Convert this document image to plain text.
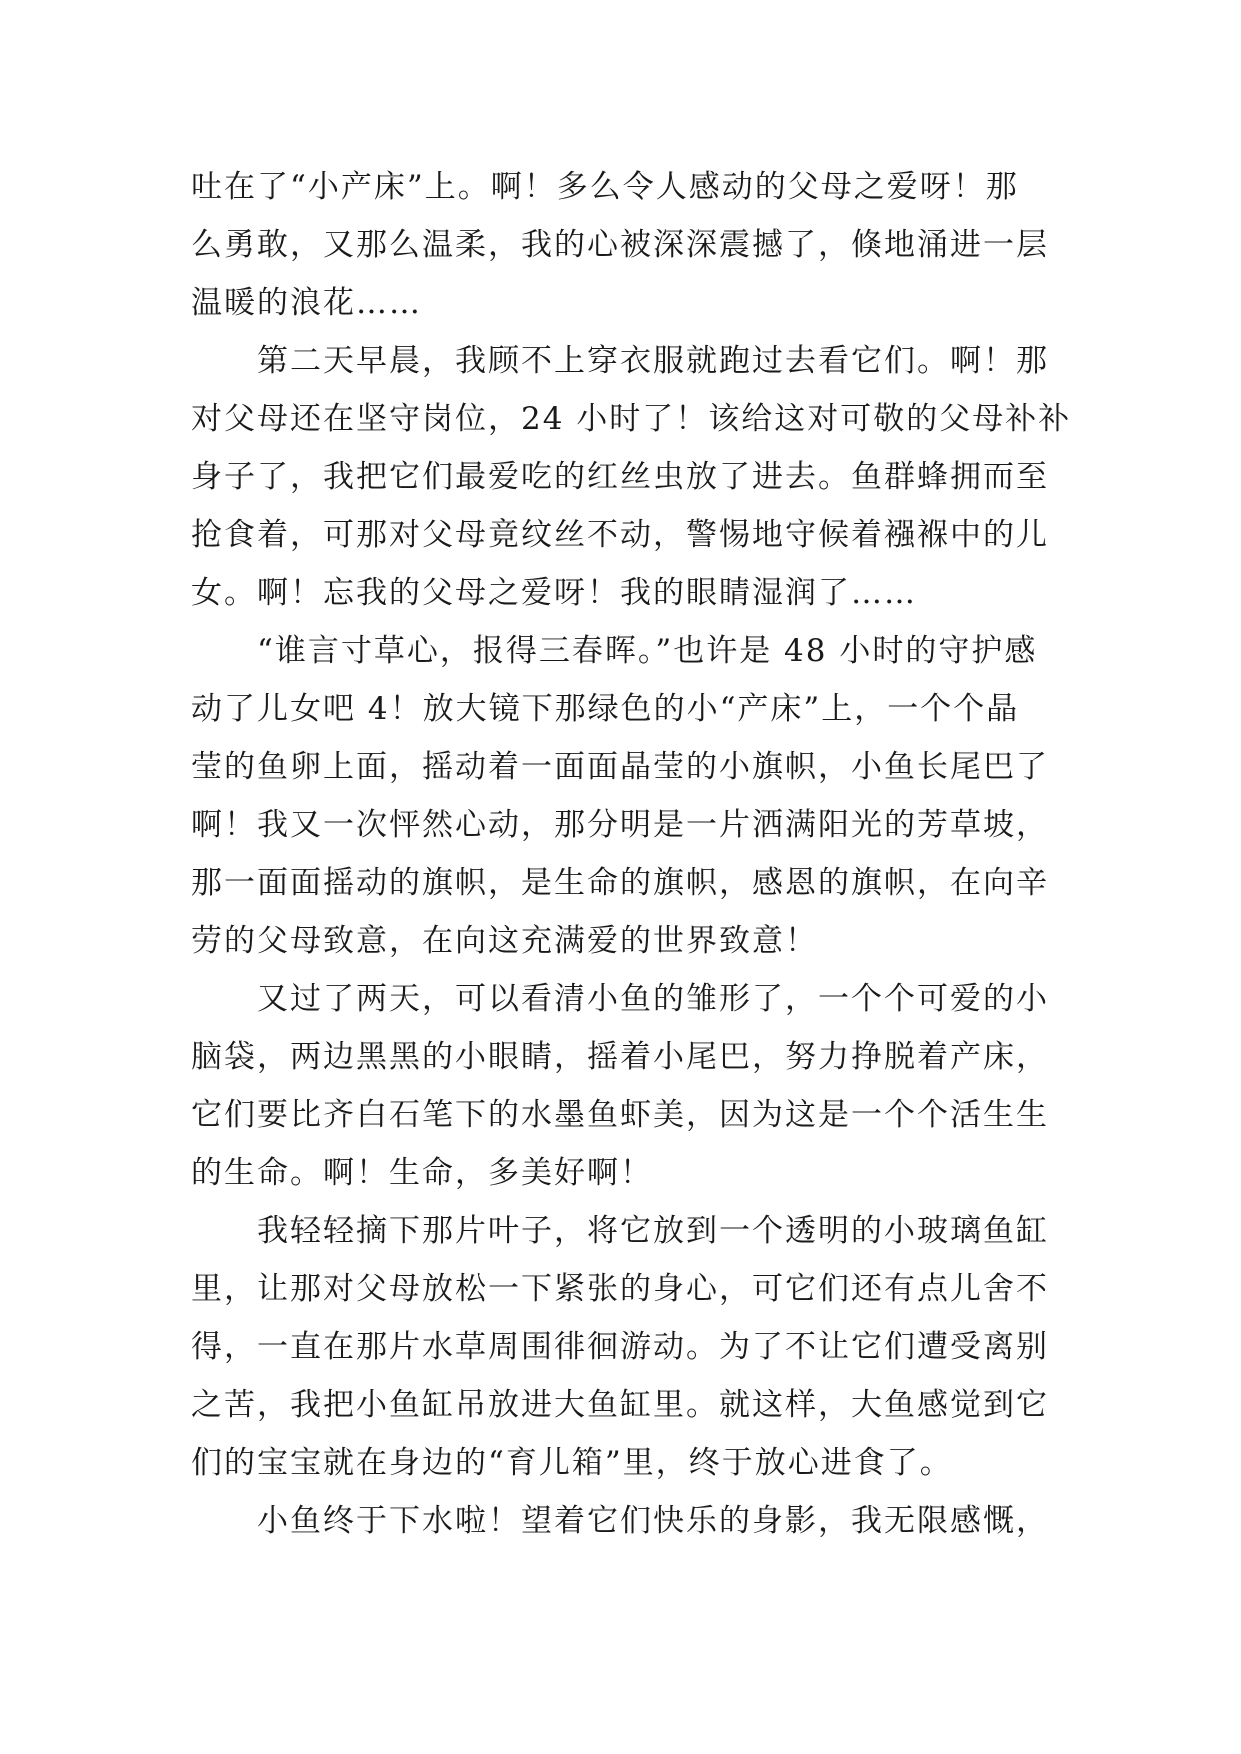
吐在了“小产床”上。啊！多么令人感动的父母之爱呀！那
么勇敢，又那么温柔，我的心被深深震撼了，倏地涌进一层
温暖的浪花……
　　第二天早晨，我顾不上穿衣服就跑过去看它们。啊！那
对父母还在坚守岗位，24 小时了！该给这对可敬的父母补补
身子了，我把它们最爱吃的红丝虫放了进去。鱼群蜂拥而至
抢食着，可那对父母竟纹丝不动，警惕地守候着襁褓中的儿
女。啊！忘我的父母之爱呀！我的眼睛湿润了……
　　“谁言寸草心，报得三春晖。”也许是 48 小时的守护感
动了儿女吧 4！放大镜下那绿色的小“产床”上，一个个晶
莹的鱼卵上面，摇动着一面面晶莹的小旗帜，小鱼长尾巴了
啊！我又一次怦然心动，那分明是一片洒满阳光的芳草坡，
那一面面摇动的旗帜，是生命的旗帜，感恩的旗帜，在向辛
劳的父母致意，在向这充满爱的世界致意！
　　又过了两天，可以看清小鱼的雏形了，一个个可爱的小
脑袋，两边黑黑的小眼睛，摇着小尾巴，努力挣脱着产床，
它们要比齐白石笔下的水墨鱼虾美，因为这是一个个活生生
的生命。啊！生命，多美好啊！
　　我轻轻摘下那片叶子，将它放到一个透明的小玻璃鱼缸
里，让那对父母放松一下紧张的身心，可它们还有点儿舍不
得，一直在那片水草周围徘徊游动。为了不让它们遭受离别
之苦，我把小鱼缸吊放进大鱼缸里。就这样，大鱼感觉到它
们的宝宝就在身边的“育儿箱”里，终于放心进食了。
　　小鱼终于下水啦！望着它们快乐的身影，我无限感慨，
